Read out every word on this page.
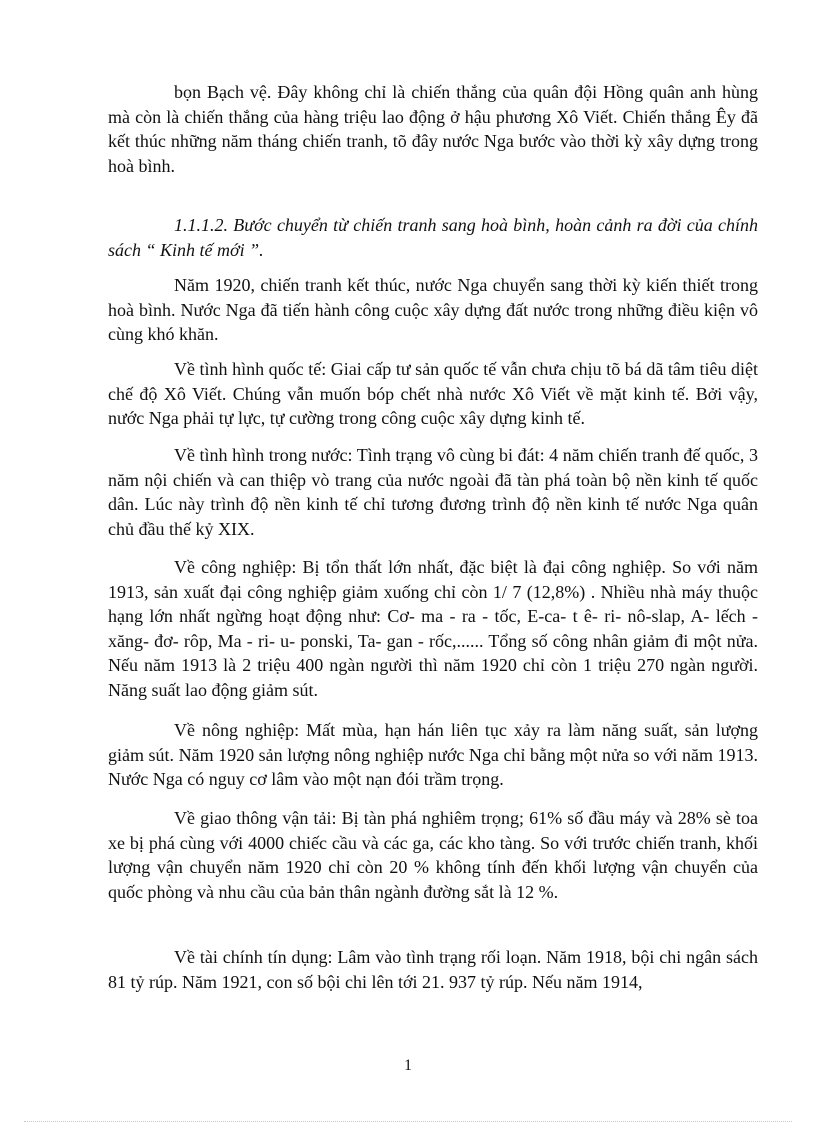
bọn Bạch vệ. Đây không chỉ là chiến thắng của quân đội Hồng quân anh hùng mà còn là chiến thắng của hàng triệu lao động ở hậu phương Xô Viết. Chiến thắng Êy đã kết thúc những năm tháng chiến tranh, tõ đây nước Nga bước vào thời kỳ xây dựng trong hoà bình.

1.1.1.2. Bước chuyển từ chiến tranh sang hoà bình, hoàn cảnh ra đời của chính sách “ Kinh tế mới ”.

Năm 1920, chiến tranh kết thúc, nước Nga chuyển sang thời kỳ kiến thiết trong hoà bình. Nước Nga đã tiến hành công cuộc xây dựng đất nước trong những điều kiện vô cùng khó khăn.

Về tình hình quốc tế: Giai cấp tư sản quốc tế vẫn chưa chịu tõ bá dã tâm tiêu diệt chế độ Xô Viết. Chúng vẫn muốn bóp chết nhà nước Xô Viết về mặt kinh tế. Bởi vậy, nước Nga phải tự lực, tự cường trong công cuộc xây dựng kinh tế.

Về tình hình trong nước: Tình trạng vô cùng bi đát: 4 năm chiến tranh đế quốc, 3 năm nội chiến và can thiệp vò trang của nước ngoài đã tàn phá toàn bộ nền kinh tế quốc dân. Lúc này trình độ nền kinh tế chỉ tương đương trình độ nền kinh tế nước Nga quân chủ đầu thế kỷ XIX.

Về công nghiệp: Bị tổn thất lớn nhất, đặc biệt là đại công nghiệp. So với năm 1913, sản xuất đại công nghiệp giảm xuống chỉ còn 1/ 7 (12,8%) . Nhiều nhà máy thuộc hạng lớn nhất ngừng hoạt động như: Cơ- ma - ra - tốc, E-ca- t ê- ri- nô-slap, A- lếch - xăng- đơ- rôp, Ma - ri- u- ponski, Ta- gan - rốc,...... Tổng số công nhân giảm đi một nửa. Nếu năm 1913 là 2 triệu 400 ngàn người thì năm 1920 chỉ còn 1 triệu 270 ngàn người. Năng suất lao động giảm sút.

Về nông nghiệp: Mất mùa, hạn hán liên tục xảy ra làm năng suất, sản lượng giảm sút. Năm 1920 sản lượng nông nghiệp nước Nga chỉ bằng một nửa so với năm 1913. Nước Nga có nguy cơ lâm vào một nạn đói trầm trọng.

Về giao thông vận tải: Bị tàn phá nghiêm trọng; 61% số đầu máy và 28% sè toa xe bị phá cùng với 4000 chiếc cầu và các ga, các kho tàng. So với trước chiến tranh, khối lượng vận chuyển năm 1920 chỉ còn 20 % không tính đến khối lượng vận chuyển của quốc phòng và nhu cầu của bản thân ngành đường sắt là 12 %.

Về tài chính tín dụng: Lâm vào tình trạng rối loạn. Năm 1918, bội chi ngân sách 81 tỷ rúp. Năm 1921, con số bội chi lên tới 21. 937 tỷ rúp. Nếu năm 1914,

1
